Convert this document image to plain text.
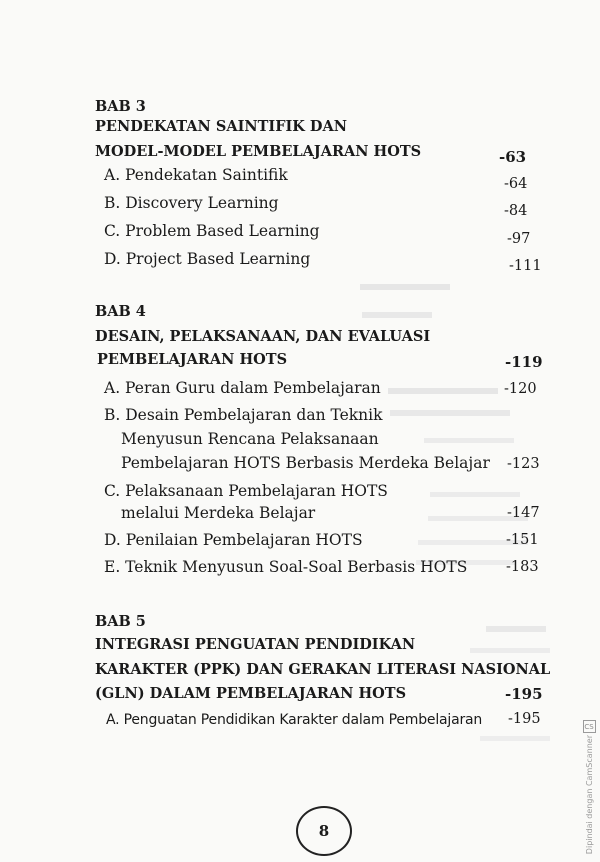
BAB 3
PENDEKATAN SAINTIFIK DAN
MODEL-MODEL PEMBELAJARAN HOTS	-63
A. Pendekatan Saintifik	-64
B. Discovery Learning	-84
C. Problem Based Learning	-97
D. Project Based Learning	-111
BAB 4
DESAIN, PELAKSANAAN, DAN EVALUASI
PEMBELAJARAN HOTS	-119
A. Peran Guru dalam Pembelajaran	-120
B. Desain Pembelajaran dan Teknik
Menyusun Rencana Pelaksanaan
Pembelajaran HOTS Berbasis Merdeka Belajar -123
C. Pelaksanaan Pembelajaran HOTS
melalui Merdeka Belajar	-147
D. Penilaian Pembelajaran HOTS	-151
E. Teknik Menyusun Soal-Soal Berbasis HOTS	-183
BAB 5
INTEGRASI PENGUATAN PENDIDIKAN
KARAKTER (PPK) DAN GERAKAN LITERASI NASIONAL
(GLN) DALAM PEMBELAJARAN HOTS	-195
A. Penguatan Pendidikan Karakter dalam Pembelajaran -195
8
CS
Dipindai dengan CamScanner
